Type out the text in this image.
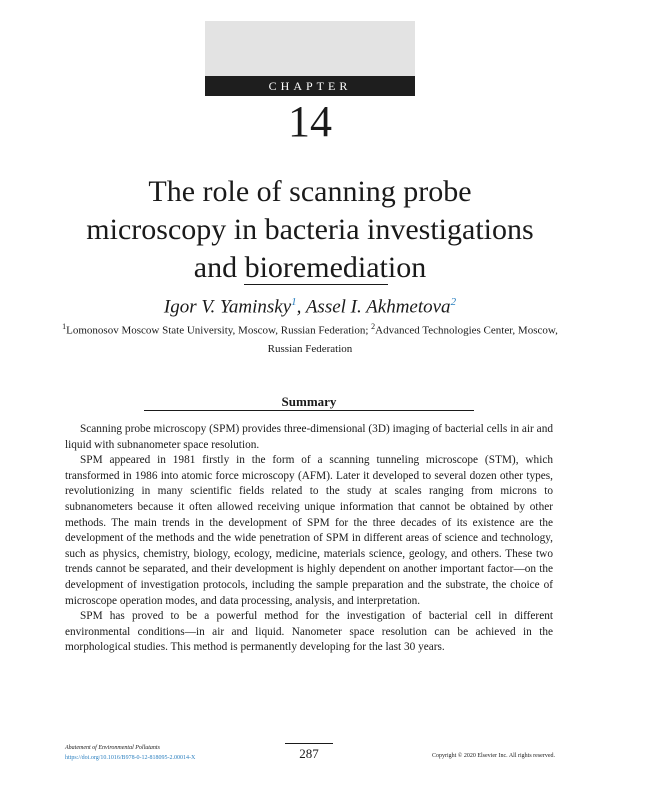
CHAPTER
14
The role of scanning probe
microscopy in bacteria investigations
and bioremediation
Igor V. Yaminsky$^1$, Assel I. Akhmetova$^2$
$^1$Lomonosov Moscow State University, Moscow, Russian Federation; $^2$Advanced Technologies Center, Moscow, Russian Federation
Summary

Scanning probe microscopy (SPM) provides three-dimensional (3D) imaging of bacterial cells in air and liquid with subnanometer space resolution.

SPM appeared in 1981 firstly in the form of a scanning tunneling microscope (STM), which transformed in 1986 into atomic force microscopy (AFM). Later it developed to several dozen other types, revolutionizing in many scientific fields related to the study at scales ranging from microns to subnanometers because it often allowed receiving unique information that cannot be obtained by other methods. The main trends in the development of SPM for the three decades of its existence are the development of the methods and the wide penetration of SPM in different areas of science and technology, such as physics, chemistry, biology, ecology, medicine, materials science, geology, and others. These two trends cannot be separated, and their development is highly dependent on another important factor—on the development of investigation protocols, including the sample preparation and the substrate, the choice of microscope operation modes, and data processing, analysis, and interpretation.

SPM has proved to be a powerful method for the investigation of bacterial cell in different environmental conditions—in air and liquid. Nanometer space resolution can be achieved in the morphological studies. This method is permanently developing for the last 30 years.

Abatement of Environmental Pollutants
https://doi.org/10.1016/B978-0-12-818095-2.00014-X	287	Copyright © 2020 Elsevier Inc. All rights reserved.
